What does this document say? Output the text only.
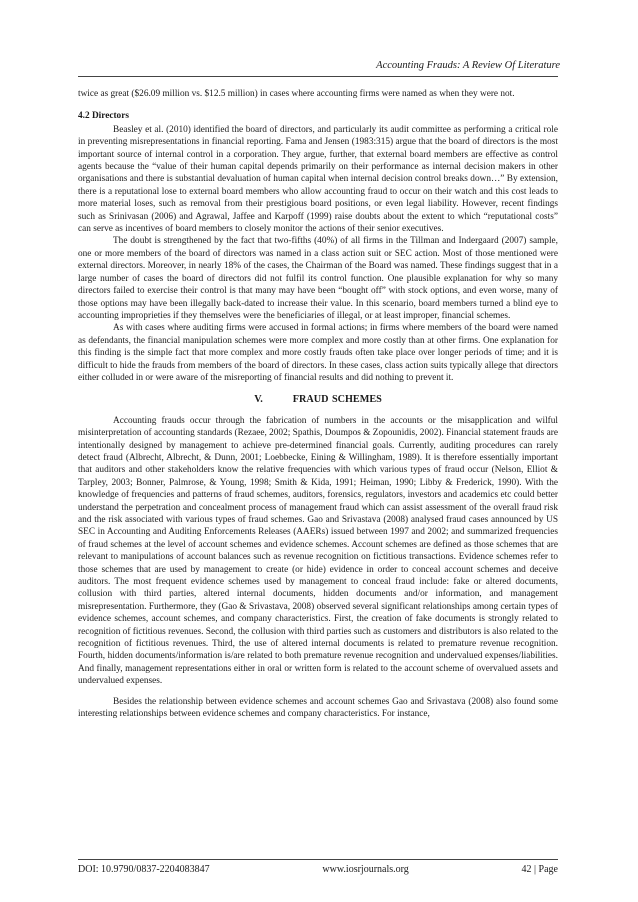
Accounting Frauds: A Review Of Literature

twice as great ($26.09 million vs. $12.5 million) in cases where accounting firms were named as when they were not.

4.2 Directors

Beasley et al. (2010) identified the board of directors, and particularly its audit committee as performing a critical role in preventing misrepresentations in financial reporting. Fama and Jensen (1983:315) argue that the board of directors is the most important source of internal control in a corporation. They argue, further, that external board members are effective as control agents because the “value of their human capital depends primarily on their performance as internal decision makers in other organisations and there is substantial devaluation of human capital when internal decision control breaks down…” By extension, there is a reputational lose to external board members who allow accounting fraud to occur on their watch and this cost leads to more material loses, such as removal from their prestigious board positions, or even legal liability. However, recent findings such as Srinivasan (2006) and Agrawal, Jaffee and Karpoff (1999) raise doubts about the extent to which “reputational costs” can serve as incentives of board members to closely monitor the actions of their senior executives.

The doubt is strengthened by the fact that two-fifths (40%) of all firms in the Tillman and Indergaard (2007) sample, one or more members of the board of directors was named in a class action suit or SEC action. Most of those mentioned were external directors. Moreover, in nearly 18% of the cases, the Chairman of the Board was named. These findings suggest that in a large number of cases the board of directors did not fulfil its control function. One plausible explanation for why so many directors failed to exercise their control is that many may have been “bought off” with stock options, and even worse, many of those options may have been illegally back-dated to increase their value. In this scenario, board members turned a blind eye to accounting improprieties if they themselves were the beneficiaries of illegal, or at least improper, financial schemes.

As with cases where auditing firms were accused in formal actions; in firms where members of the board were named as defendants, the financial manipulation schemes were more complex and more costly than at other firms. One explanation for this finding is the simple fact that more complex and more costly frauds often take place over longer periods of time; and it is difficult to hide the frauds from members of the board of directors. In these cases, class action suits typically allege that directors either colluded in or were aware of the misreporting of financial results and did nothing to prevent it.

V.	FRAUD SCHEMES

Accounting frauds occur through the fabrication of numbers in the accounts or the misapplication and wilful misinterpretation of accounting standards (Rezaee, 2002; Spathis, Doumpos & Zopounidis, 2002). Financial statement frauds are intentionally designed by management to achieve pre-determined financial goals. Currently, auditing procedures can rarely detect fraud (Albrecht, Albrecht, & Dunn, 2001; Loebbecke, Eining & Willingham, 1989). It is therefore essentially important that auditors and other stakeholders know the relative frequencies with which various types of fraud occur (Nelson, Elliot & Tarpley, 2003; Bonner, Palmrose, & Young, 1998; Smith & Kida, 1991; Heiman, 1990; Libby & Frederick, 1990). With the knowledge of frequencies and patterns of fraud schemes, auditors, forensics, regulators, investors and academics etc could better understand the perpetration and concealment process of management fraud which can assist assessment of the overall fraud risk and the risk associated with various types of fraud schemes. Gao and Srivastava (2008) analysed fraud cases announced by US SEC in Accounting and Auditing Enforcements Releases (AAERs) issued between 1997 and 2002; and summarized frequencies of fraud schemes at the level of account schemes and evidence schemes. Account schemes are defined as those schemes that are relevant to manipulations of account balances such as revenue recognition on fictitious transactions. Evidence schemes refer to those schemes that are used by management to create (or hide) evidence in order to conceal account schemes and deceive auditors. The most frequent evidence schemes used by management to conceal fraud include: fake or altered documents, collusion with third parties, altered internal documents, hidden documents and/or information, and management misrepresentation. Furthermore, they (Gao & Srivastava, 2008) observed several significant relationships among certain types of evidence schemes, account schemes, and company characteristics. First, the creation of fake documents is strongly related to recognition of fictitious revenues. Second, the collusion with third parties such as customers and distributors is also related to the recognition of fictitious revenues. Third, the use of altered internal documents is related to premature revenue recognition. Fourth, hidden documents/information is/are related to both premature revenue recognition and undervalued expenses/liabilities. And finally, management representations either in oral or written form is related to the account scheme of overvalued assets and undervalued expenses.

Besides the relationship between evidence schemes and account schemes Gao and Srivastava (2008) also found some interesting relationships between evidence schemes and company characteristics. For instance,

DOI: 10.9790/0837-2204083847	www.iosrjournals.org	42 | Page
